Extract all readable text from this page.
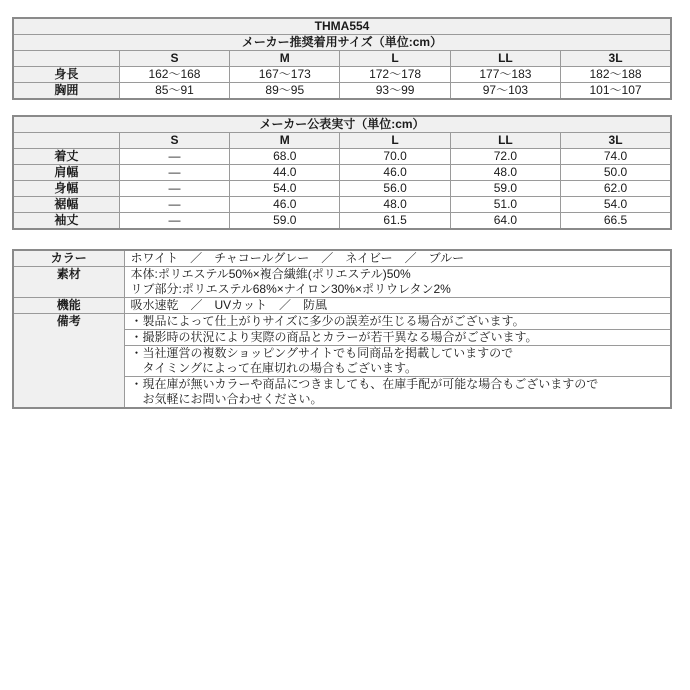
THMA554					
メーカー推奨着用サイズ（単位:cm）					
	S	M	L	LL	3L
身長	162～168	167～173	172～178	177～183	182～188
胸囲	85～91	89～95	93～99	97～103	101～107
メーカー公表実寸（単位:cm）					
	S	M	L	LL	3L
着丈	―	68.0	70.0	72.0	74.0
肩幅	―	44.0	46.0	48.0	50.0
身幅	―	54.0	56.0	59.0	62.0
裾幅	―	46.0	48.0	51.0	54.0
袖丈	―	59.0	61.5	64.0	66.5
カラー	ホワイト　／　チャコールグレー　／　ネイビー　／　ブルー
素材	本体:ポリエステル50%×複合繊維(ポリエステル)50%
リブ部分:ポリエステル68%×ナイロン30%×ポリウレタン2%

機能	吸水速乾　／　UVカット　／　防風
備考	・製品によって仕上がりサイズに多少の誤差が生じる場合がございます。
	・撮影時の状況により実際の商品とカラーが若干異なる場合がございます。

	・当社運営の複数ショッピングサイトでも同商品を掲載していますので
タイミングによって在庫切れの場合もございます。

	・現在庫が無いカラーや商品につきましても、在庫手配が可能な場合もございますので
お気軽にお問い合わせください。
